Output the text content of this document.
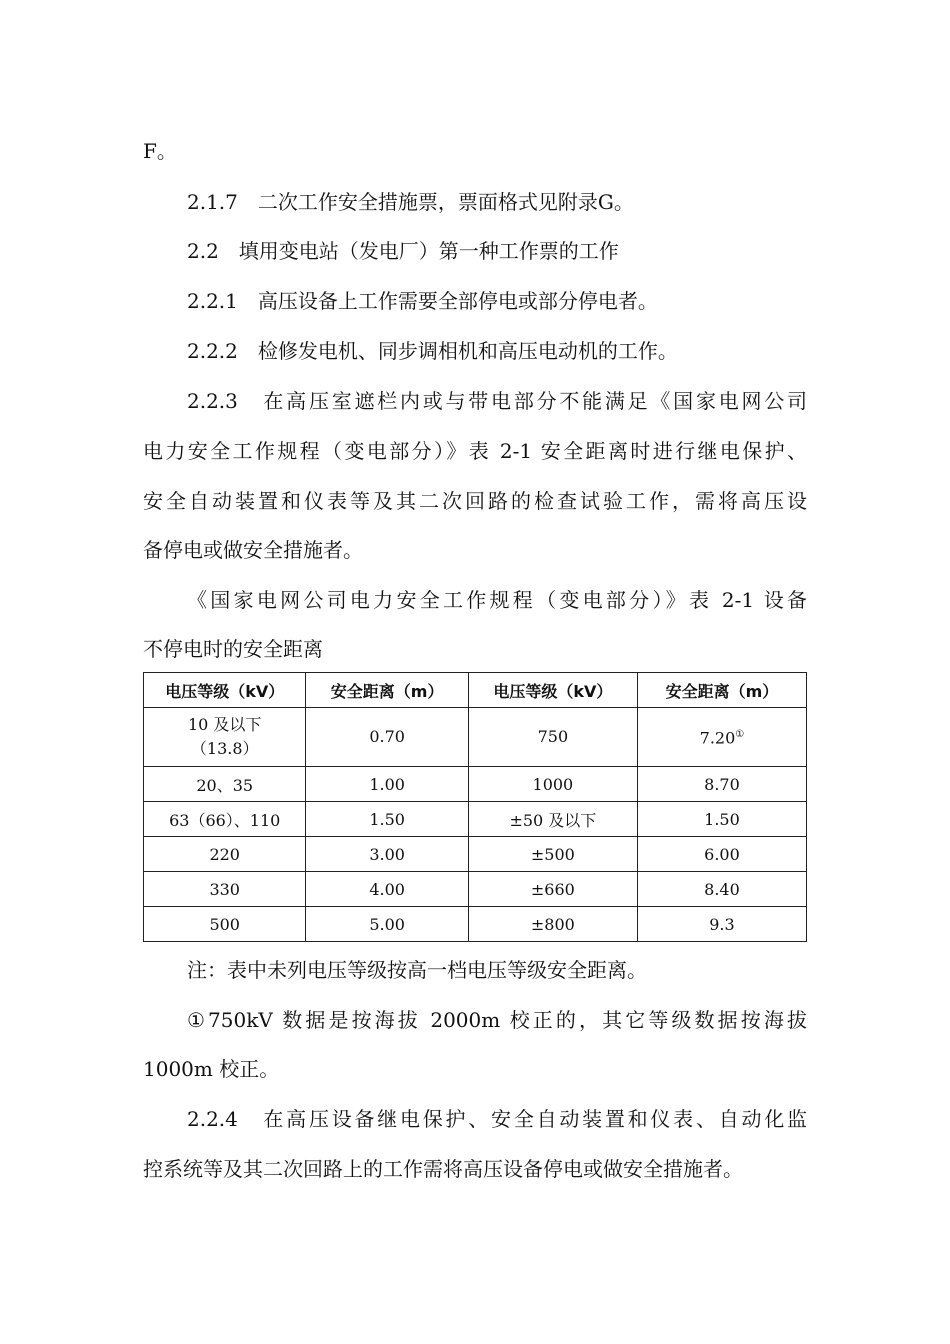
F。

2.1.7　二次工作安全措施票，票面格式见附录G。

2.2　填用变电站（发电厂）第一种工作票的工作

2.2.1　高压设备上工作需要全部停电或部分停电者。

2.2.2　检修发电机、同步调相机和高压电动机的工作。

2.2.3　在高压室遮栏内或与带电部分不能满足《国家电网公司

电力安全工作规程（变电部分）》表 2-1 安全距离时进行继电保护、

安全自动装置和仪表等及其二次回路的检查试验工作，需将高压设

备停电或做安全措施者。

《国家电网公司电力安全工作规程（变电部分）》表 2-1 设备

不停电时的安全距离

电压等级（kV）	安全距离（m）	电压等级（kV）	安全距离（m）

10 及以下
（13.8）	0.70	750	7.20①
20、35	1.00	1000	8.70
63（66）、110	1.50	±50 及以下	1.50
220	3.00	±500	6.00
330	4.00	±660	8.40
500	5.00	±800	9.3

注：表中未列电压等级按高一档电压等级安全距离。

①750kV 数据是按海拔 2000m 校正的，其它等级数据按海拔

1000m 校正。

2.2.4　在高压设备继电保护、安全自动装置和仪表、自动化监

控系统等及其二次回路上的工作需将高压设备停电或做安全措施者。
